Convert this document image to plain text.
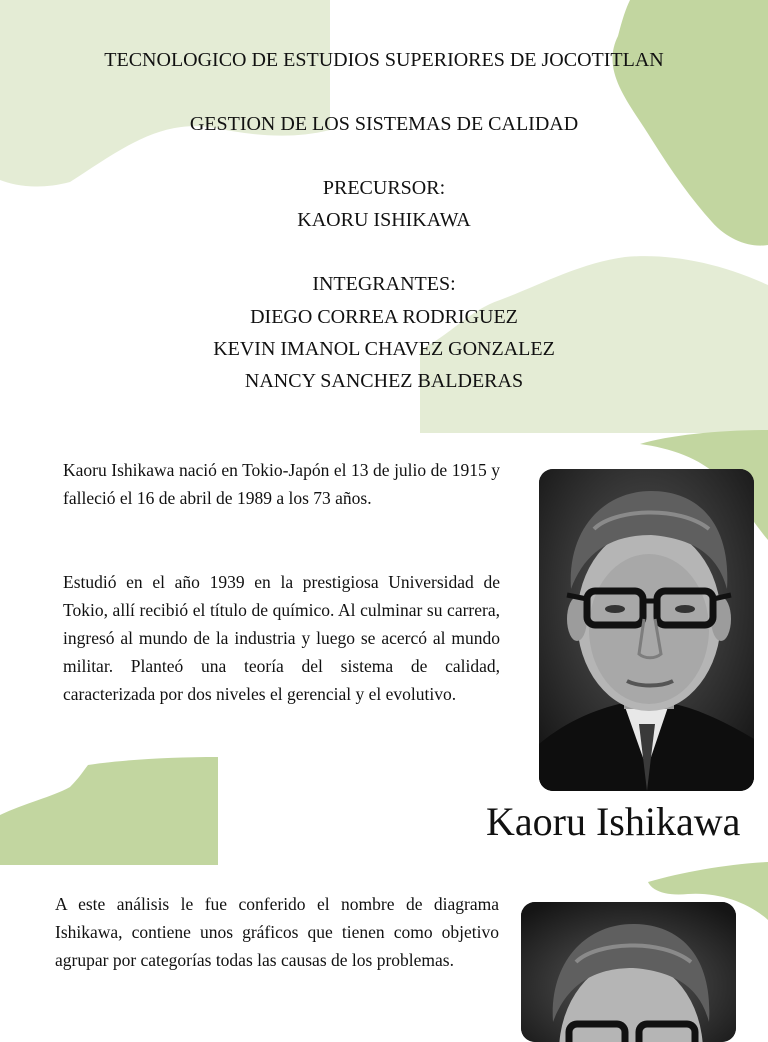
TECNOLOGICO DE ESTUDIOS SUPERIORES DE JOCOTITLAN
GESTION DE LOS SISTEMAS DE CALIDAD
PRECURSOR:
KAORU ISHIKAWA
INTEGRANTES:
DIEGO CORREA RODRIGUEZ
KEVIN IMANOL CHAVEZ GONZALEZ
NANCY SANCHEZ BALDERAS

Kaoru Ishikawa nació en Tokio-Japón el 13 de julio de 1915 y falleció el 16 de abril de 1989 a los 73 años.

Estudió en el año 1939 en la prestigiosa Universidad de Tokio, allí recibió el título de químico. Al culminar su carrera, ingresó al mundo de la industria y luego se acercó al mundo militar. Planteó una teoría del sistema de calidad, caracterizada por dos niveles el gerencial y el evolutivo.

Kaoru Ishikawa

A este análisis le fue conferido el nombre de diagrama Ishikawa, contiene unos gráficos que tienen como objetivo agrupar por categorías todas las causas de los problemas.
